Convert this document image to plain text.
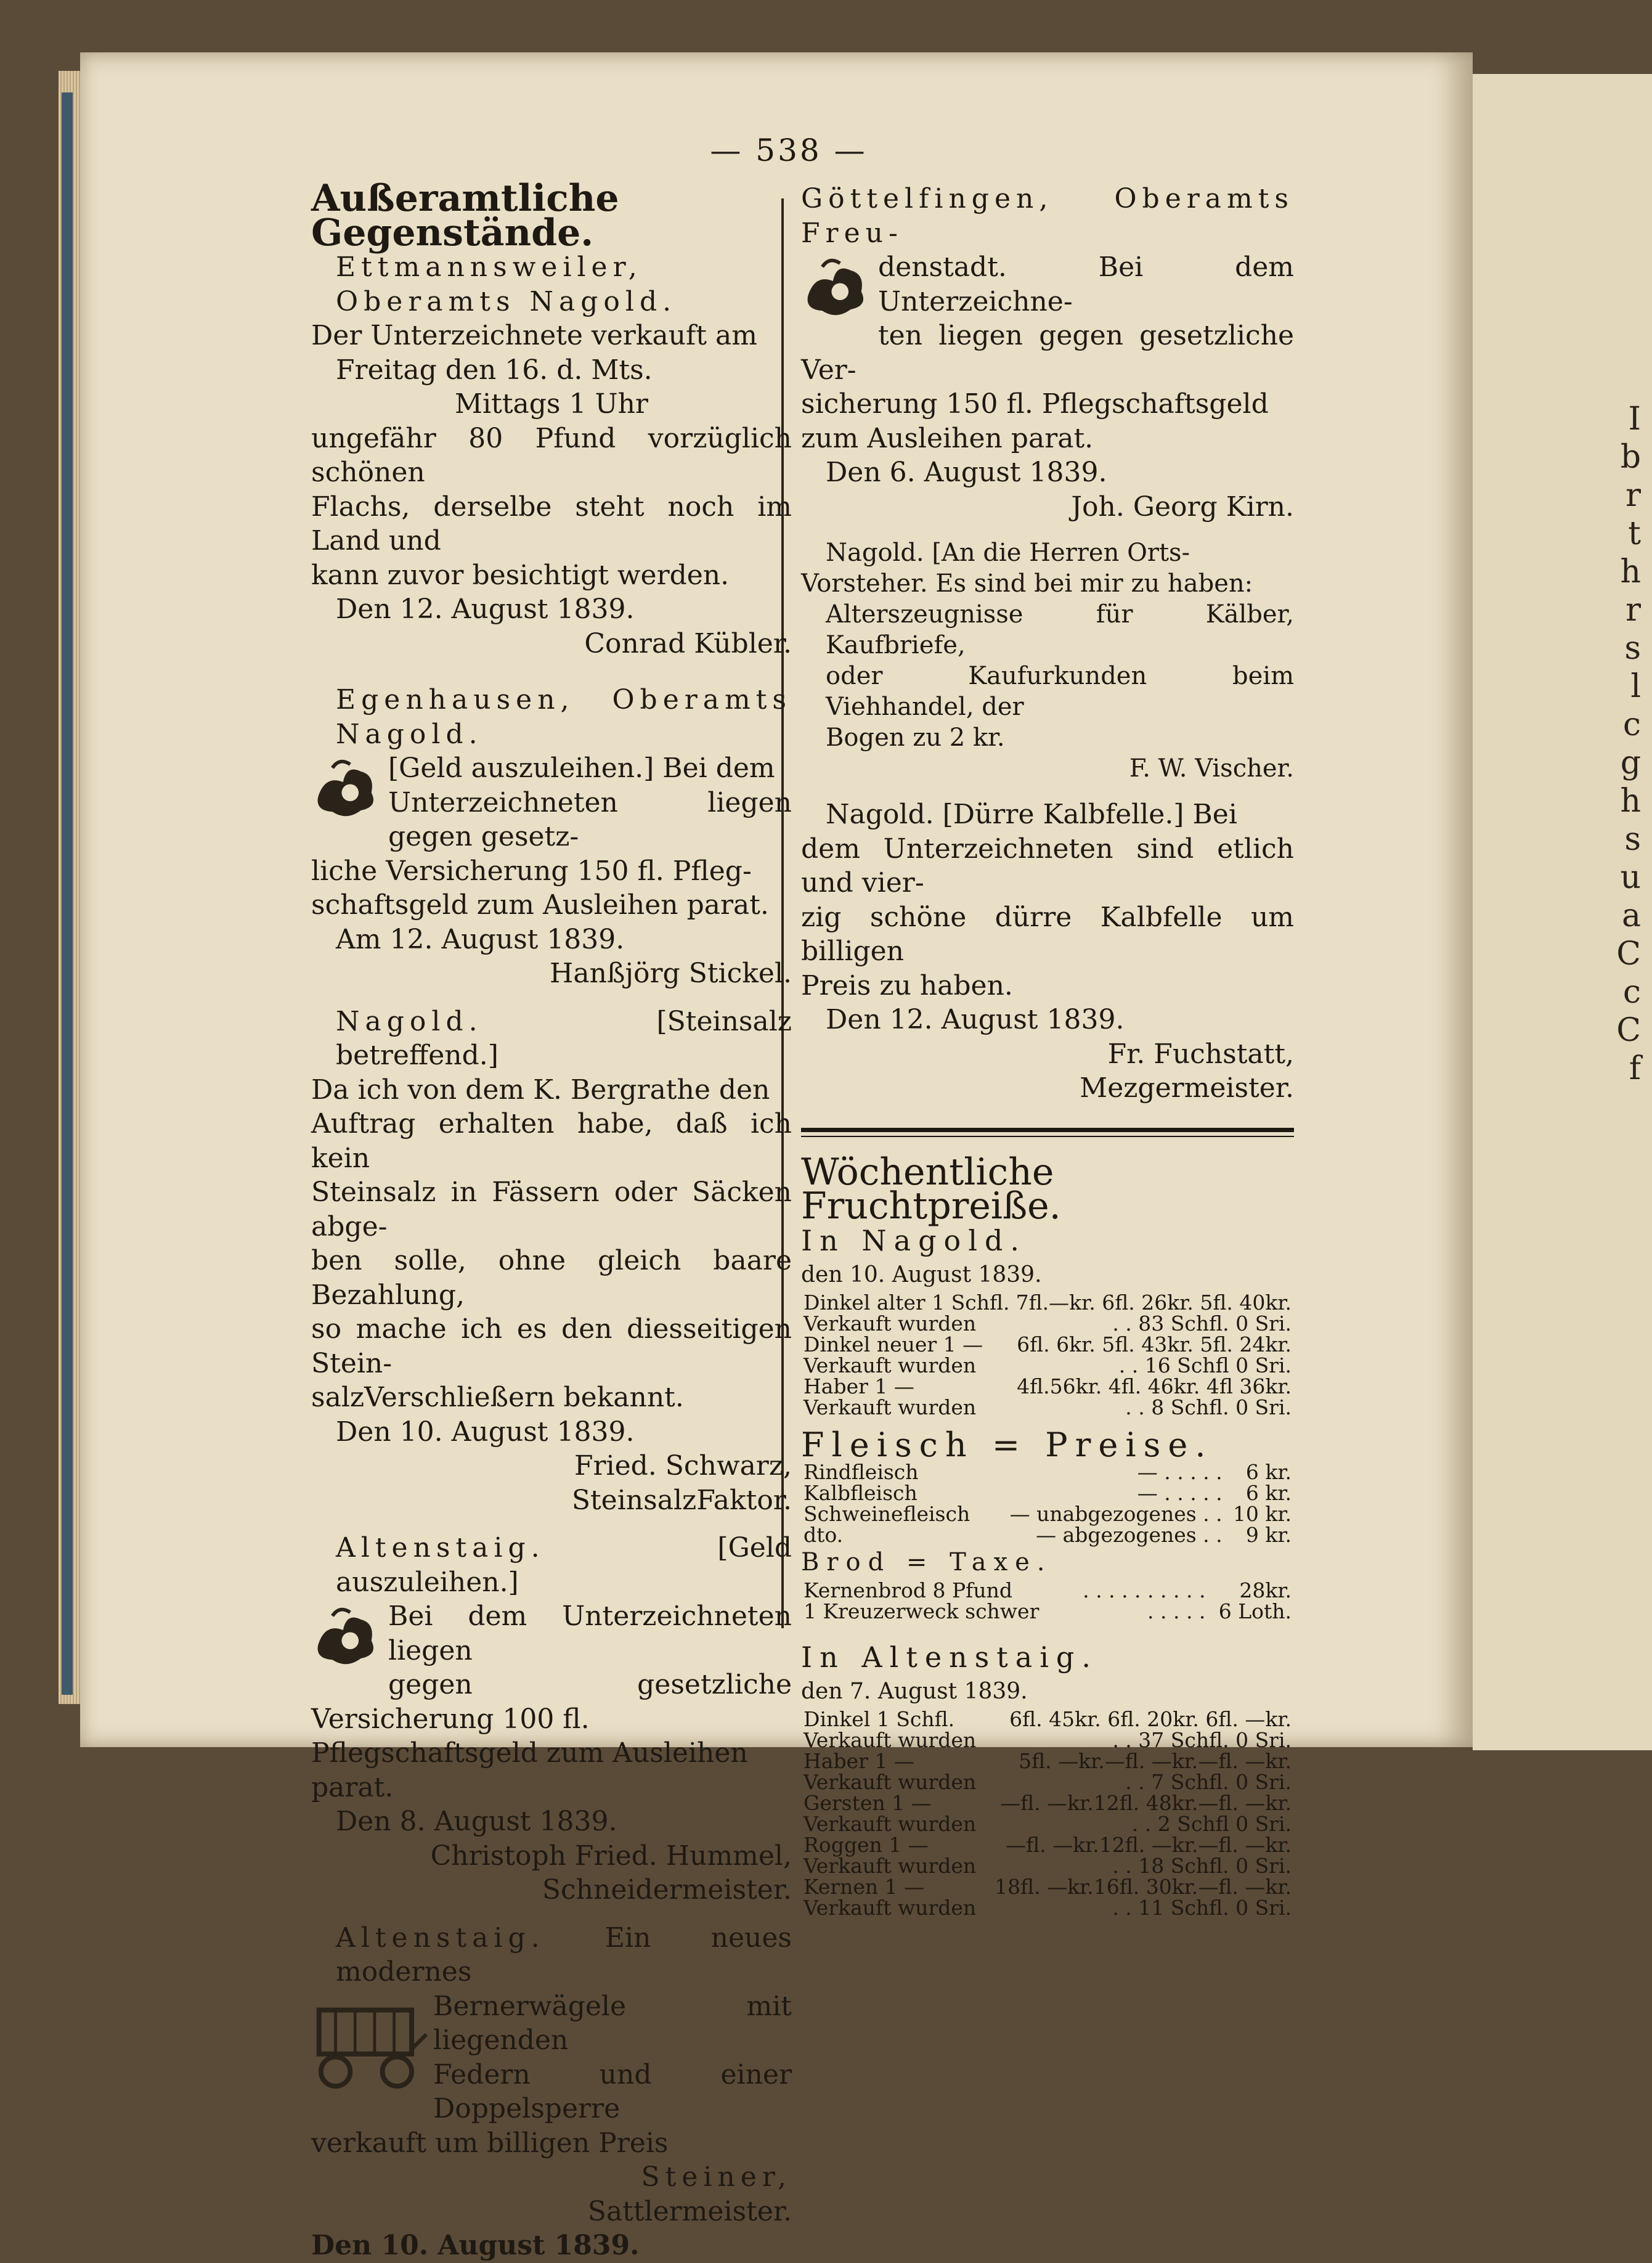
I
b
r
t
h
r
s
l
c
g
h
s
u
a
C
c
C
f
— 538 —

Außeramtliche Gegenstände.

Ettmannsweiler, Oberamts Nagold.

Der Unterzeichnete verkauft am

Freitag den 16. d. Mts.

Mittags 1 Uhr

ungefähr 80 Pfund vorzüglich schönen

Flachs, derselbe steht noch im Land und

kann zuvor besichtigt werden.

Den 12. August 1839.

Conrad Kübler.

Egenhausen, Oberamts Nagold.

[Geld auszuleihen.] Bei dem

Unterzeichneten liegen gegen gesetz-

liche Versicherung 150 fl. Pfleg-

schaftsgeld zum Ausleihen parat.

Am 12. August 1839.

Hanßjörg Stickel.

Nagold.	[Steinsalz betreffend.]

Da ich von dem K. Bergrathe den

Auftrag erhalten habe, daß ich kein

Steinsalz in Fässern oder Säcken abge-

ben solle, ohne gleich baare Bezahlung,

so mache ich es den diesseitigen Stein-

salzVerschließern bekannt.

Den 10. August 1839.

Fried. Schwarz,

SteinsalzFaktor.

Altenstaig.	[Geld auszuleihen.]

Bei dem Unterzeichneten liegen

gegen gesetzliche Versicherung 100 fl.

Pflegschaftsgeld zum Ausleihen

parat.

Den 8. August 1839.

Christoph Fried. Hummel,

Schneidermeister.

Altenstaig. Ein neues modernes

Bernerwägele mit liegenden

Federn und einer Doppelsperre

verkauft um billigen Preis

Steiner,

Sattlermeister.

Den 10. August 1839.

Göttelfingen, Oberamts Freu-

denstadt. Bei dem Unterzeichne-

ten liegen gegen gesetzliche Ver-

sicherung 150 fl. Pflegschaftsgeld

zum Ausleihen parat.

Den 6. August 1839.

Joh. Georg Kirn.

Nagold. [An die Herren Orts-

Vorsteher. Es sind bei mir zu haben:

Alterszeugnisse für Kälber, Kaufbriefe,

oder Kaufurkunden beim Viehhandel, der

Bogen zu 2 kr.

F. W. Vischer.

Nagold. [Dürre Kalbfelle.] Bei

dem Unterzeichneten sind etlich und vier-

zig schöne dürre Kalbfelle um billigen

Preis zu haben.

Den 12. August 1839.

Fr. Fuchstatt,

Mezgermeister.

Wöchentliche Fruchtpreiße.

In Nagold.

den 10. August 1839.

Dinkel alter 1 Schfl.	7fl.—kr. 6fl. 26kr. 5fl. 40kr.
Verkauft wurden	. . 83 Schfl. 0 Sri.
Dinkel neuer 1 —	6fl. 6kr. 5fl. 43kr. 5fl. 24kr.
Verkauft wurden	. . 16 Schfl 0 Sri.
Haber 1 —	4fl.56kr. 4fl. 46kr. 4fl 36kr.
Verkauft wurden	. . 8 Schfl. 0 Sri.

Fleisch = Preise.

Rindfleisch	— . . . . .	6 kr.
Kalbfleisch	— . . . . .	6 kr.
Schweinefleisch	— unabgezogenes . .	10 kr.
dto.	— abgezogenes . .	9 kr.

Brod = Taxe.

Kernenbrod 8 Pfund	. . . . . . . . . .	28kr.
1 Kreuzerweck schwer	. . . . .	6 Loth.

In Altenstaig.

den 7. August 1839.

Dinkel 1 Schfl.	6fl. 45kr. 6fl. 20kr. 6fl. —kr.
Verkauft wurden	. . 37 Schfl. 0 Sri.
Haber 1 —	5fl. —kr.—fl. —kr.—fl. —kr.
Verkauft wurden	. . 7 Schfl. 0 Sri.
Gersten 1 —	—fl. —kr.12fl. 48kr.—fl. —kr.
Verkauft wurden	. . 2 Schfl 0 Sri.
Roggen 1 —	—fl. —kr.12fl. —kr.—fl. —kr.
Verkauft wurden	. . 18 Schfl. 0 Sri.
Kernen 1 —	18fl. —kr.16fl. 30kr.—fl. —kr.
Verkauft wurden	. . 11 Schfl. 0 Sri.
